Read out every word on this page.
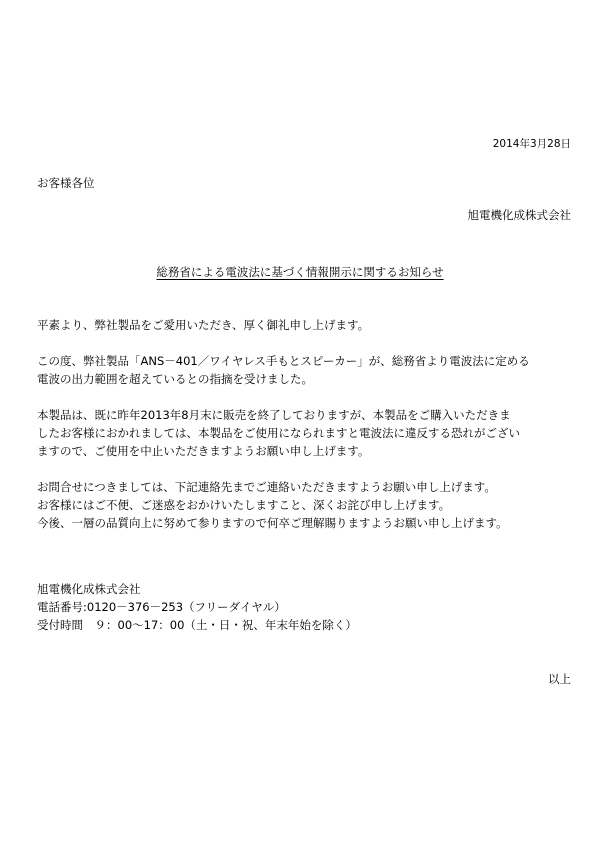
2014年3月28日
お客様各位
旭電機化成株式会社
総務省による電波法に基づく情報開示に関するお知らせ

平素より、弊社製品をご愛用いただき、厚く御礼申し上げます。

この度、弊社製品「ANS－401／ワイヤレス手もとスピーカー」が、総務省より電波法に定める

電波の出力範囲を超えているとの指摘を受けました。

本製品は、既に昨年2013年8月末に販売を終了しておりますが、本製品をご購入いただきま

したお客様におかれましては、本製品をご使用になられますと電波法に違反する恐れがござい

ますので、ご使用を中止いただきますようお願い申し上げます。

お問合せにつきましては、下記連絡先までご連絡いただきますようお願い申し上げます。

お客様にはご不便、ご迷惑をおかけいたしますこと、深くお詫び申し上げます。

今後、一層の品質向上に努めて参りますので何卒ご理解賜りますようお願い申し上げます。

旭電機化成株式会社

電話番号:0120－376－253（フリーダイヤル）

受付時間　９：00～17：00（土・日・祝、年末年始を除く）

以上
